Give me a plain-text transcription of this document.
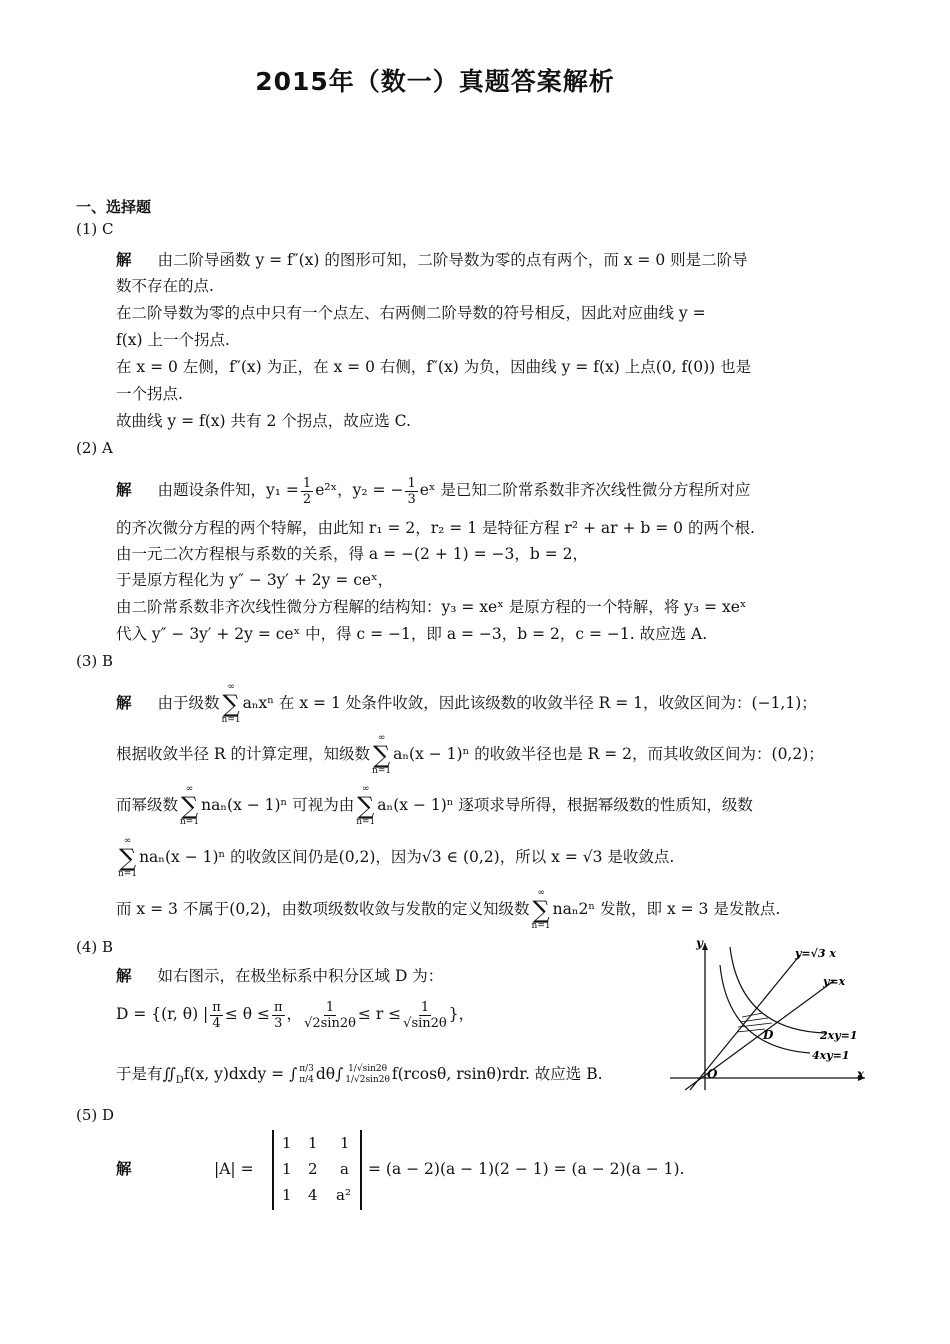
2015年（数一）真题答案解析
一、选择题
(1) C
解 由二阶导函数 y = f″(x) 的图形可知，二阶导数为零的点有两个，而 x = 0 则是二阶导
数不存在的点.
在二阶导数为零的点中只有一个点左、右两侧二阶导数的符号相反，因此对应曲线 y =
f(x) 上一个拐点.
在 x = 0 左侧，f″(x) 为正，在 x = 0 右侧，f″(x) 为负，因曲线 y = f(x) 上点(0, f(0)) 也是
一个拐点.
故曲线 y = f(x) 共有 2 个拐点，故应选 C.
(2) A
解 由题设条件知，$y_1 = \frac{1}{2}$ e²ˣ，y₂ = − $\frac{1}{3}$ eˣ 是已知二阶常系数非齐次线性微分方程所对应
的齐次微分方程的两个特解，由此知 r₁ = 2，r₂ = 1 是特征方程 r² + ar + b = 0 的两个根.
由一元二次方程根与系数的关系，得 a = −(2 + 1) = −3，b = 2，
于是原方程化为 y″ − 3y′ + 2y = ceˣ，
由二阶常系数非齐次线性微分方程解的结构知：y₃ = xeˣ 是原方程的一个特解，将 y₃ = xeˣ
代入 y″ − 3y′ + 2y = ceˣ 中，得 c = −1，即 a = −3，b = 2，c = −1. 故应选 A.
(3) B
解 由于级数
∞
∑
n=1
aₙxⁿ 在 x = 1 处条件收敛，因此该级数的收敛半径 R = 1，收敛区间为：(−1,1)；
根据收敛半径 R 的计算定理，知级数
∞
∑
n=1
aₙ(x − 1)ⁿ 的收敛半径也是 R = 2，而其收敛区间为：(0,2)；
而幂级数
∞
∑
n=1
naₙ(x − 1)ⁿ 可视为由
∞
∑
n=1
aₙ(x − 1)ⁿ 逐项求导所得，根据幂级数的性质知，级数
∞
∑
n=1
naₙ(x − 1)ⁿ 的收敛区间仍是(0,2)，因为√3 ∈ (0,2)，所以 x = √3 是收敛点.
而 x = 3 不属于(0,2)，由数项级数收敛与发散的定义知级数
∞
∑
n=1
naₙ2ⁿ 发散，即 x = 3 是发散点.
(4) B
解 如右图示，在极坐标系中积分区域 D 为：
D = {(r, θ) | $\frac{\pi}{4} \le \theta \le \frac{\pi}{3}$ ， $\frac{1}{√2\sin 2\theta} \le r \le \frac{1}{√\sin 2\theta}$ }，
于是有$∬_Df(x$, y)dxdy = ∫ π/3
π/4 dθ∫ 1/√sin2θ
1/√2sin2θ f(rcosθ, rsinθ)rdr. 故应选 B.
y
x
O
y=√3 x
y=x
2xy=1
4xy=1
D
(5) D
解	|A| =
1 1 1
1 2 a
1 4 a²
= (a − 2)(a − 1)(2 − 1) = (a − 2)(a − 1).
